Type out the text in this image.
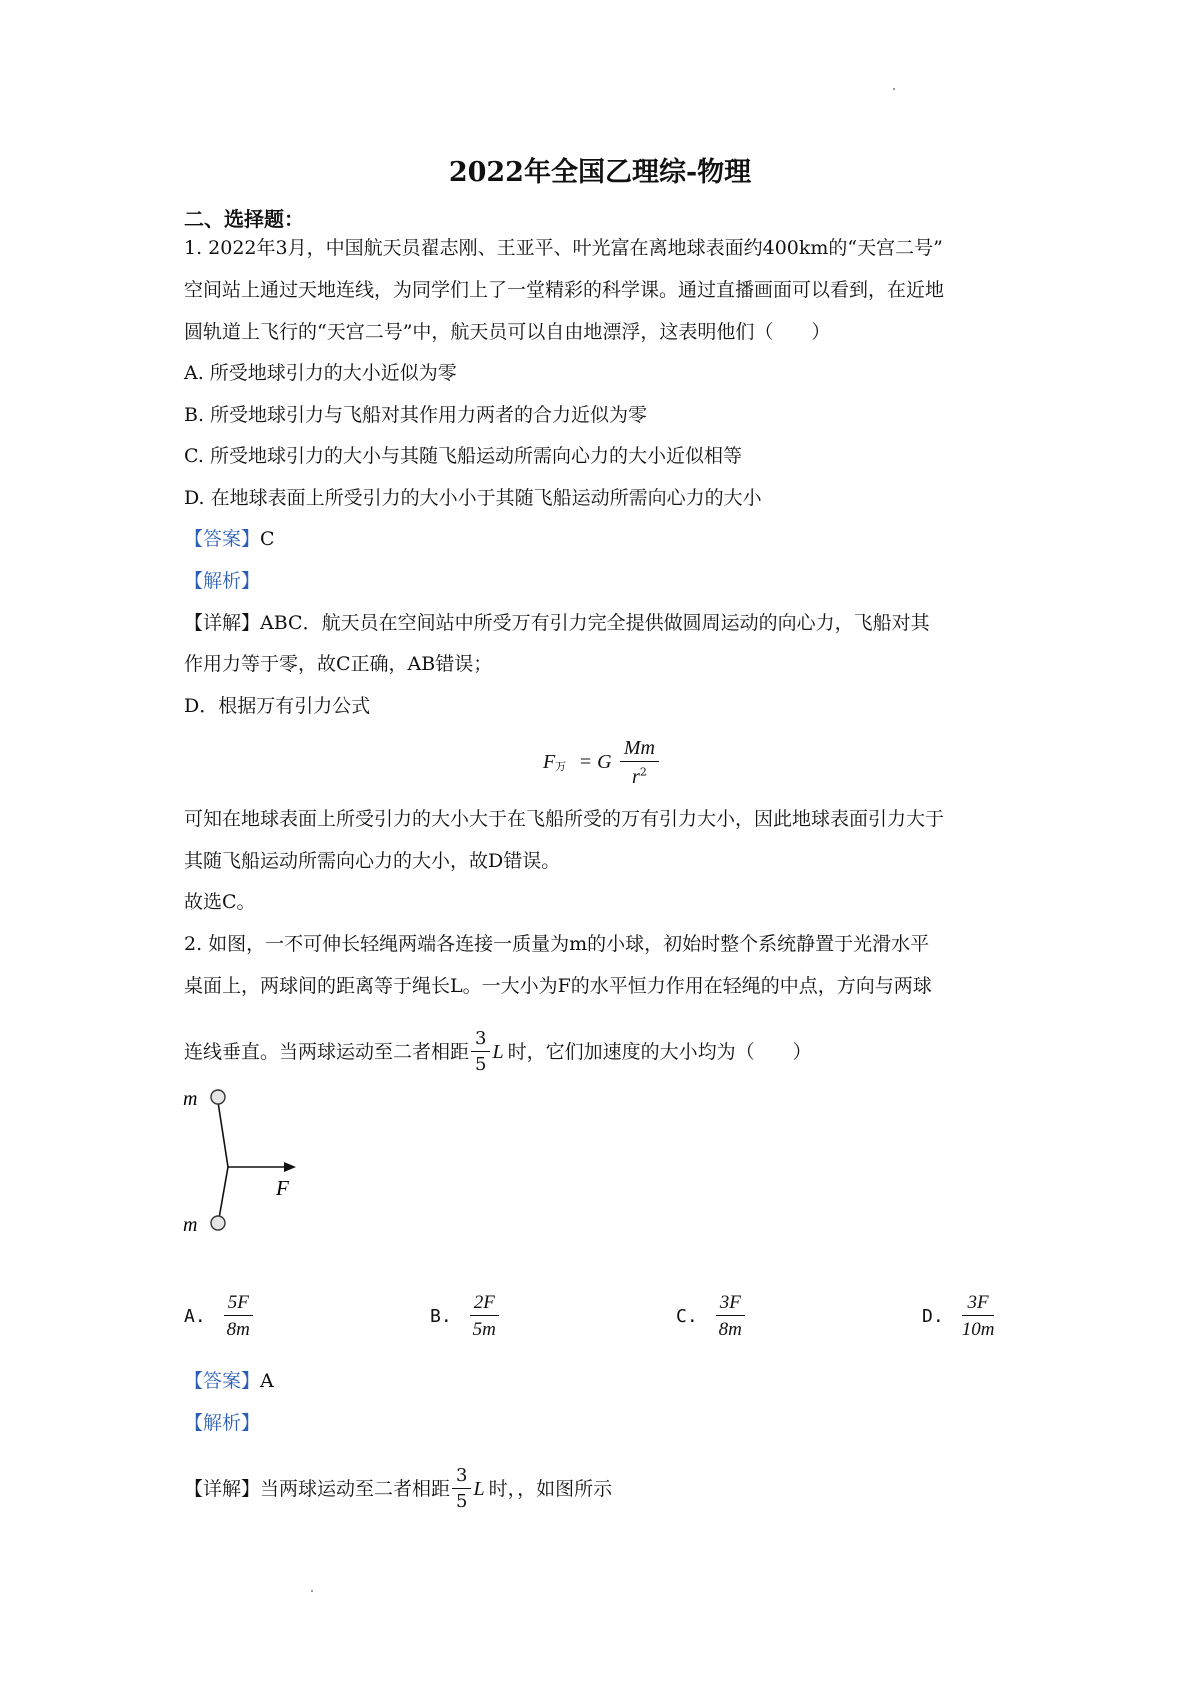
2022年全国乙理综-物理
二、选择题：
1. 2022年3月，中国航天员翟志刚、王亚平、叶光富在离地球表面约400km的“天宫二号”
空间站上通过天地连线，为同学们上了一堂精彩的科学课。通过直播画面可以看到，在近地
圆轨道上飞行的“天宫二号”中，航天员可以自由地漂浮，这表明他们（　　）
A. 所受地球引力的大小近似为零
B. 所受地球引力与飞船对其作用力两者的合力近似为零
C. 所受地球引力的大小与其随飞船运动所需向心力的大小近似相等
D. 在地球表面上所受引力的大小小于其随飞船运动所需向心力的大小
【答案】C
【解析】
【详解】ABC．航天员在空间站中所受万有引力完全提供做圆周运动的向心力，飞船对其
作用力等于零，故C正确，AB错误；
D．根据万有引力公式
$F_万 = G \frac{Mm}{r^2}$
可知在地球表面上所受引力的大小大于在飞船所受的万有引力大小，因此地球表面引力大于
其随飞船运动所需向心力的大小，故D错误。
故选C。
2. 如图，一不可伸长轻绳两端各连接一质量为m的小球，初始时整个系统静置于光滑水平
桌面上，两球间的距离等于绳长L。一大小为F的水平恒力作用在轻绳的中点，方向与两球
连线垂直。当两球运动至二者相距 $\frac{3}{5}$ L 时，它们加速度的大小均为（　　）
m
m
F
A. $\frac{5F}{8m}$	B. $\frac{2F}{5m}$	C. $\frac{3F}{8m}$	D. $\frac{3F}{10m}$
【答案】A
【解析】
【详解】 当两球运动至二者相距 $\frac{3}{5}$ L 时，，如图所示
